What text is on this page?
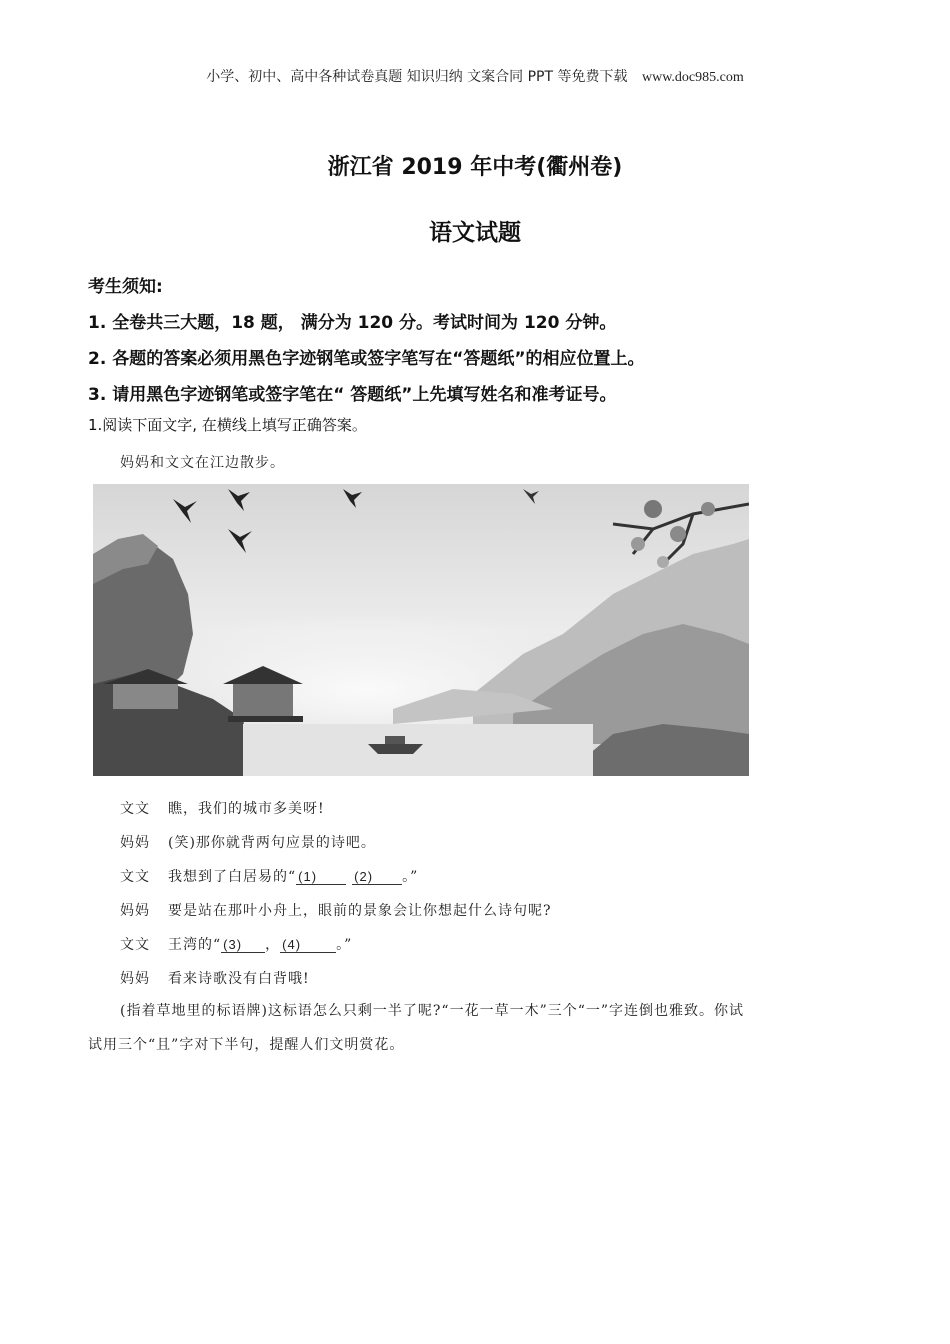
小学、初中、高中各种试卷真题 知识归纳 文案合同 PPT 等免费下载 www.doc985.com
浙江省 2019 年中考(衢州卷)
语文试题
考生须知:
1. 全卷共三大题，18 题， 满分为 120 分。考试时间为 120 分钟。
2. 各题的答案必须用黑色字迹钢笔或签字笔写在“答题纸”的相应位置上。
3. 请用黑色字迹钢笔或签字笔在“ 答题纸”上先填写姓名和准考证号。
1.阅读下面文字, 在横线上填写正确答案。
妈妈和文文在江边散步。
文文 瞧，我们的城市多美呀!
妈妈 (笑)那你就背两句应景的诗吧。
文文 我想到了白居易的“ (1)	(2) 。”
妈妈 要是站在那叶小舟上，眼前的景象会让你想起什么诗句呢?
文文 王湾的“ (3) ， (4)	。”
妈妈 看来诗歌没有白背哦!
(指着草地里的标语牌)这标语怎么只剩一半了呢?“一花一草一木”三个“一”字连倒也雅致。你试
试用三个“且”字对下半句，提醒人们文明赏花。
